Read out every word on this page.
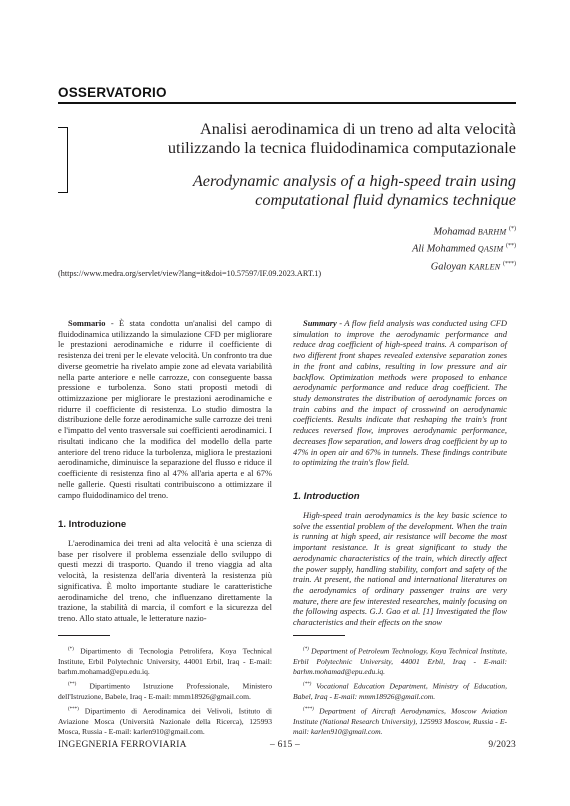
OSSERVATORIO
Analisi aerodinamica di un treno ad alta velocità
utilizzando la tecnica fluidodinamica computazionale
Aerodynamic analysis of a high-speed train using
computational fluid dynamics technique
Mohamad BARHM (*)
Ali Mohammed QASIM (**)
Galoyan KARLEN (***)
(https://www.medra.org/servlet/view?lang=it&doi=10.57597/IF.09.2023.ART.1)

Sommario - È stata condotta un'analisi del campo di fluidodinamica utilizzando la simulazione CFD per migliorare le prestazioni aerodinamiche e ridurre il coefficiente di resistenza dei treni per le elevate velocità. Un confronto tra due diverse geometrie ha rivelato ampie zone ad elevata variabilità nella parte anteriore e nelle carrozze, con conseguente bassa pressione e turbolenza. Sono stati proposti metodi di ottimizzazione per migliorare le prestazioni aerodinamiche e ridurre il coefficiente di resistenza. Lo studio dimostra la distribuzione delle forze aerodinamiche sulle carrozze dei treni e l'impatto del vento trasversale sui coefficienti aerodinamici. I risultati indicano che la modifica del modello della parte anteriore del treno riduce la turbolenza, migliora le prestazioni aerodinamiche, diminuisce la separazione del flusso e riduce il coefficiente di resistenza fino al 47% all'aria aperta e al 67% nelle gallerie. Questi risultati contribuiscono a ottimizzare il campo fluidodinamico del treno.

Summary - A flow field analysis was conducted using CFD simulation to improve the aerodynamic performance and reduce drag coefficient of high-speed trains. A comparison of two different front shapes revealed extensive separation zones in the front and cabins, resulting in low pressure and air backflow. Optimization methods were proposed to enhance aerodynamic performance and reduce drag coefficient. The study demonstrates the distribution of aerodynamic forces on train cabins and the impact of crosswind on aerodynamic coefficients. Results indicate that reshaping the train's front reduces reversed flow, improves aerodynamic performance, decreases flow separation, and lowers drag coefficient by up to 47% in open air and 67% in tunnels. These findings contribute to optimizing the train's flow field.

1. Introduzione
L'aerodinamica dei treni ad alta velocità è una scienza di base per risolvere il problema essenziale dello sviluppo di questi mezzi di trasporto. Quando il treno viaggia ad alta velocità, la resistenza dell'aria diventerà la resistenza più significativa. È molto importante studiare le caratteristiche aerodinamiche del treno, che influenzano direttamente la trazione, la stabilità di marcia, il comfort e la sicurezza del treno. Allo stato attuale, le letterature nazio-
1. Introduction
High-speed train aerodynamics is the key basic science to solve the essential problem of the development. When the train is running at high speed, air resistance will become the most important resistance. It is great significant to study the aerodynamic characteristics of the train, which directly affect the power supply, handling stability, comfort and safety of the train. At present, the national and international literatures on the aerodynamics of ordinary passenger trains are very mature, there are few interested researches, mainly focusing on the following aspects. G.J. Gao et al. [1] Investigated the flow characteristics and their effects on the snow

(*) Dipartimento di Tecnologia Petrolifera, Koya Technical Institute, Erbil Polytechnic University, 44001 Erbil, Iraq - E-mail: barhm.mohamad@epu.edu.iq.

(**) Dipartimento Istruzione Professionale, Ministero dell'Istruzione, Babele, Iraq - E-mail: mmm18926@gmail.com.

(***) Dipartimento di Aerodinamica dei Velivoli, Istituto di Aviazione Mosca (Università Nazionale della Ricerca), 125993 Mosca, Russia - E-mail: karlen910@gmail.com.

(*) Department of Petroleum Technology, Koya Technical Institute, Erbil Polytechnic University, 44001 Erbil, Iraq - E-mail: barhm.mohamad@epu.edu.iq.

(**) Vocational Education Department, Ministry of Education, Babel, Iraq - E-mail: mmm18926@gmail.com.

(***) Department of Aircraft Aerodynamics, Moscow Aviation Institute (National Research University), 125993 Moscow, Russia - E-mail: karlen910@gmail.com.

INGEGNERIA FERROVIARIA	– 615 –	9/2023
